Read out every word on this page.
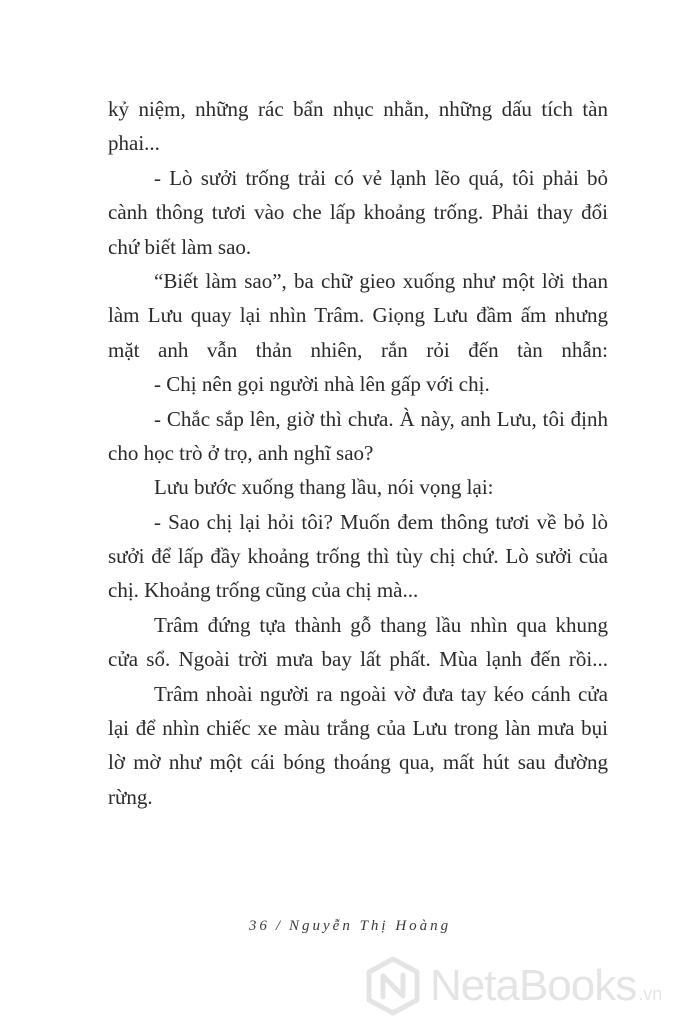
kỷ niệm, những rác bẩn nhục nhằn, những dấu tích tàn
phai...
- Lò sưởi trống trải có vẻ lạnh lẽo quá, tôi phải bỏ
cành thông tươi vào che lấp khoảng trống. Phải thay đổi
chứ biết làm sao.
“Biết làm sao”, ba chữ gieo xuống như một lời than
làm Lưu quay lại nhìn Trâm. Giọng Lưu đầm ấm nhưng
mặt anh vẫn thản nhiên, rắn rỏi đến tàn nhẫn:
- Chị nên gọi người nhà lên gấp với chị.
- Chắc sắp lên, giờ thì chưa. À này, anh Lưu, tôi định
cho học trò ở trọ, anh nghĩ sao?
Lưu bước xuống thang lầu, nói vọng lại:
- Sao chị lại hỏi tôi? Muốn đem thông tươi về bỏ lò
sưởi để lấp đầy khoảng trống thì tùy chị chứ. Lò sưởi của
chị. Khoảng trống cũng của chị mà...
Trâm đứng tựa thành gỗ thang lầu nhìn qua khung
cửa sổ. Ngoài trời mưa bay lất phất. Mùa lạnh đến rồi...
Trâm nhoài người ra ngoài vờ đưa tay kéo cánh cửa
lại để nhìn chiếc xe màu trắng của Lưu trong làn mưa bụi
lờ mờ như một cái bóng thoáng qua, mất hút sau đường
rừng.
36 / Nguyễn Thị Hoàng
NetaBooks .vn
